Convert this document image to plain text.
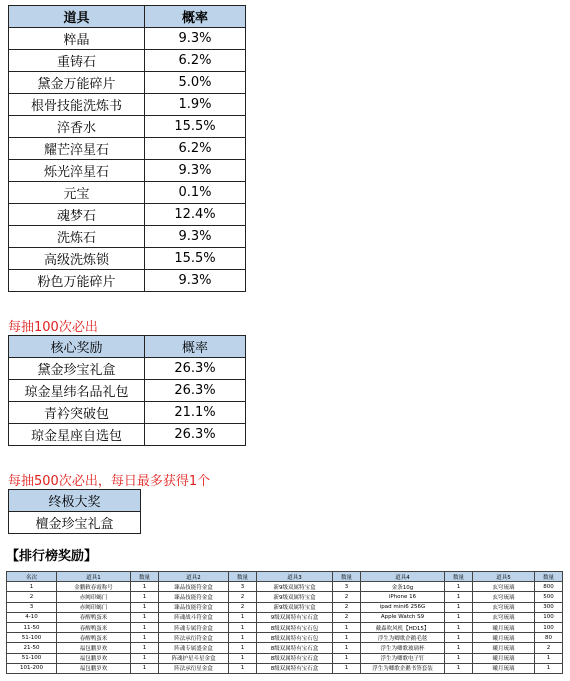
道具	概率
粹晶	9.3%
重铸石	6.2%
黛金万能碎片	5.0%
根骨技能洗炼书	1.9%
淬香水	15.5%
耀芒淬星石	6.2%
烁光淬星石	9.3%
元宝	0.1%
魂梦石	12.4%
洗炼石	9.3%
高级洗炼锁	15.5%
粉色万能碎片	9.3%
每抽100次必出
核心奖励	概率
黛金珍宝礼盒	26.3%
琼金星纬名品礼包	26.3%
青衿突破包	21.1%
琼金星座自选包	26.3%
每抽500次必出，每日最多获得1个
终极大奖
檀金珍宝礼盒
【排行榜奖励】
名次	道具1	数量	道具2	数量	道具3	数量	道具4	数量	道具5	数量
1	金鹏敕春霞称号	1	臻品技能符金盒	3	新9级双属特宝盒	3	金条10g	1	玄穹琉璃	800
2	赤阙印蝎门	1	臻品技能符金盒	2	新9级双属特宝盒	2	iPhone 16	1	玄穹琉璃	500
3	赤阙印蝎门	1	臻品技能符金盒	2	新9级双属特宝盒	2	ipad mini6 256G	1	玄穹琉璃	300
4-10	春醒鸭蛋米	1	阵魂战斗符金盒	1	9级双属特有宝石盒	2	Apple Watch S9	1	玄穹琉璃	100
11-50	春醒鸭蛋米	1	阵魂专属符金盒	1	8级双属特有宝石包	1	戴森吹风机【HD15】	1	曦月琉璃	100
51-100	春醒鸭蛋米	1	阵法承衍符金盒	1	8级双属特有宝石包	1	浮生为卿歌企鹅毛毯	1	曦月琉璃	80
21-50	福包鹏岁欢	1	阵魂专属盛金盒	1	8级双属特有宝石盒	1	浮生为卿歌玻璃杯	1	曦月琉璃	2
51-100	福包鹏岁欢	1	阵魂护星斗星金盒	1	8级双属特有宝石盒	1	浮生为卿歌电子钉	1	曦月琉璃	1
101-200	福包鹏岁欢	1	阵法承衍星金盒	1	8级双属特有宝石盒	1	浮生为卿歌企鹅书签套装	1	曦月琉璃	1
